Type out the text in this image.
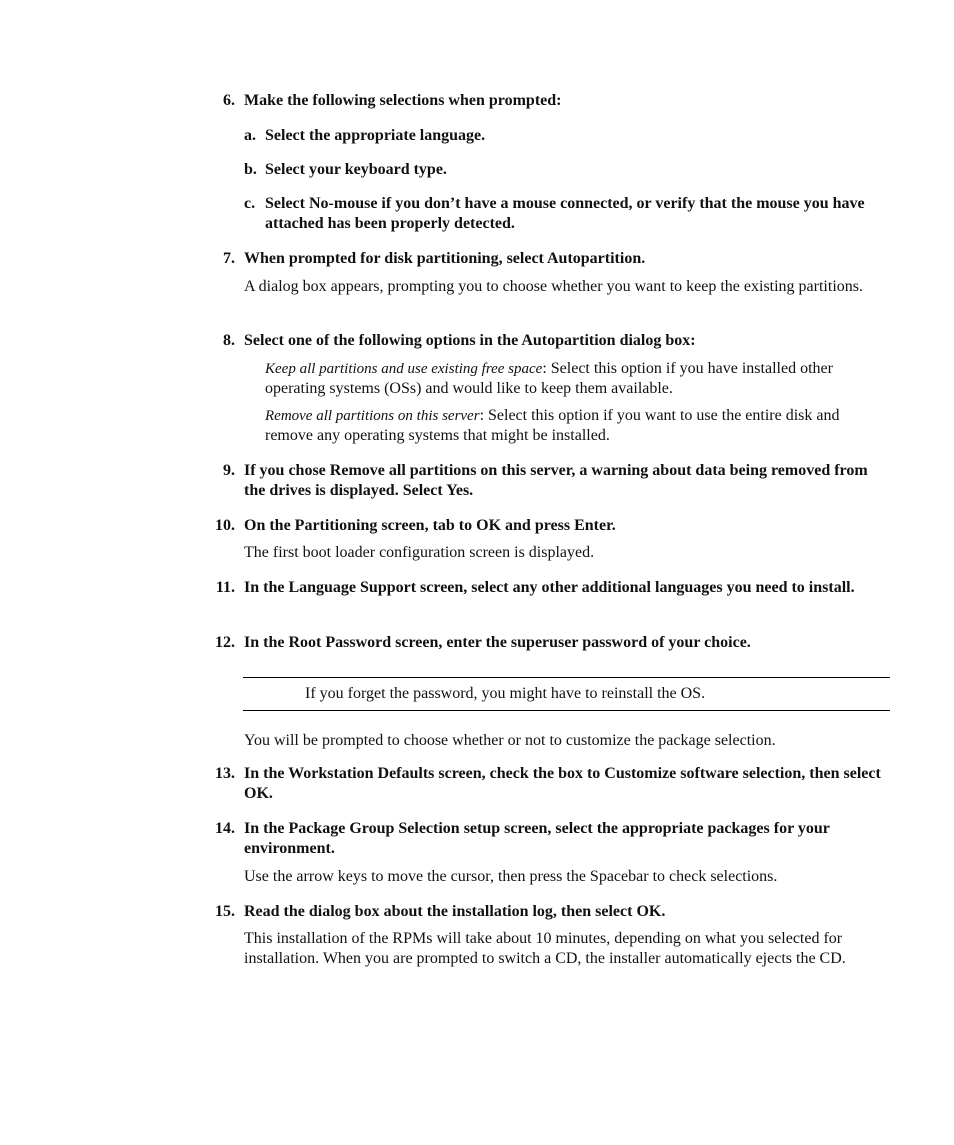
6. Make the following selections when prompted:
a. Select the appropriate language.
b. Select your keyboard type.
c. Select No-mouse if you don’t have a mouse connected, or verify that the mouse you have attached has been properly detected.
7. When prompted for disk partitioning, select Autopartition.
A dialog box appears, prompting you to choose whether you want to keep the existing partitions.
8. Select one of the following options in the Autopartition dialog box:
Keep all partitions and use existing free space: Select this option if you have installed other operating systems (OSs) and would like to keep them available.
Remove all partitions on this server: Select this option if you want to use the entire disk and remove any operating systems that might be installed.
9. If you chose Remove all partitions on this server, a warning about data being removed from the drives is displayed. Select Yes.
10. On the Partitioning screen, tab to OK and press Enter.
The first boot loader configuration screen is displayed.
11. In the Language Support screen, select any other additional languages you need to install.
12. In the Root Password screen, enter the superuser password of your choice.
If you forget the password, you might have to reinstall the OS.
You will be prompted to choose whether or not to customize the package selection.
13. In the Workstation Defaults screen, check the box to Customize software selection, then select OK.
14. In the Package Group Selection setup screen, select the appropriate packages for your environment.
Use the arrow keys to move the cursor, then press the Spacebar to check selections.
15. Read the dialog box about the installation log, then select OK.
This installation of the RPMs will take about 10 minutes, depending on what you selected for installation. When you are prompted to switch a CD, the installer automatically ejects the CD.
